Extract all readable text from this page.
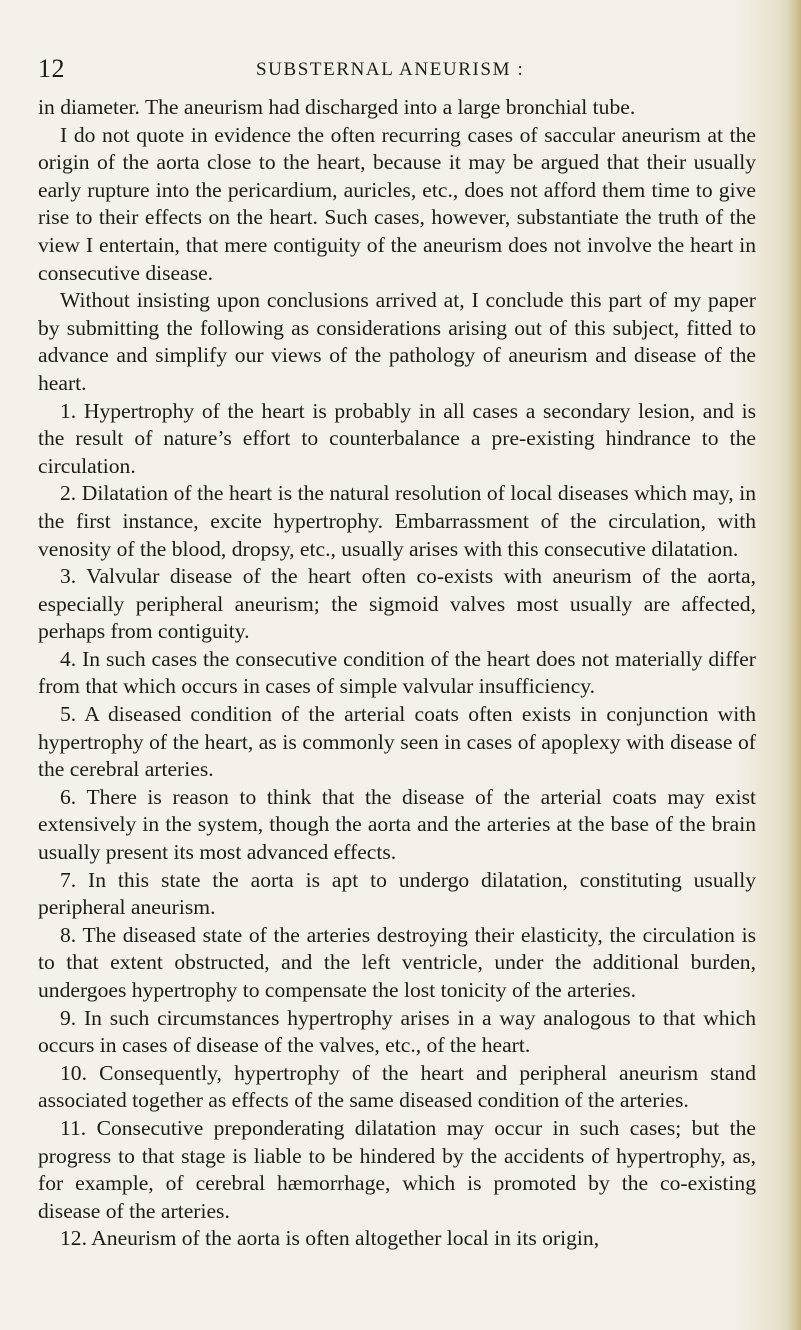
12	SUBSTERNAL ANEURISM :

in diameter. The aneurism had discharged into a large bronchial tube.

I do not quote in evidence the often recurring cases of saccular aneurism at the origin of the aorta close to the heart, because it may be argued that their usually early rupture into the pericardium, auricles, etc., does not afford them time to give rise to their effects on the heart. Such cases, however, substantiate the truth of the view I entertain, that mere contiguity of the aneurism does not involve the heart in consecutive disease.

Without insisting upon conclusions arrived at, I conclude this part of my paper by submitting the following as considerations arising out of this subject, fitted to advance and simplify our views of the pathology of aneurism and disease of the heart.

1. Hypertrophy of the heart is probably in all cases a secondary lesion, and is the result of nature’s effort to counterbalance a pre-existing hindrance to the circulation.

2. Dilatation of the heart is the natural resolution of local diseases which may, in the first instance, excite hypertrophy. Embarrassment of the circulation, with venosity of the blood, dropsy, etc., usually arises with this consecutive dilatation.

3. Valvular disease of the heart often co-exists with aneurism of the aorta, especially peripheral aneurism; the sigmoid valves most usually are affected, perhaps from contiguity.

4. In such cases the consecutive condition of the heart does not materially differ from that which occurs in cases of simple valvular insufficiency.

5. A diseased condition of the arterial coats often exists in conjunction with hypertrophy of the heart, as is commonly seen in cases of apoplexy with disease of the cerebral arteries.

6. There is reason to think that the disease of the arterial coats may exist extensively in the system, though the aorta and the arteries at the base of the brain usually present its most advanced effects.

7. In this state the aorta is apt to undergo dilatation, constituting usually peripheral aneurism.

8. The diseased state of the arteries destroying their elasticity, the circulation is to that extent obstructed, and the left ventricle, under the additional burden, undergoes hypertrophy to compensate the lost tonicity of the arteries.

9. In such circumstances hypertrophy arises in a way analogous to that which occurs in cases of disease of the valves, etc., of the heart.

10. Consequently, hypertrophy of the heart and peripheral aneurism stand associated together as effects of the same diseased condition of the arteries.

11. Consecutive preponderating dilatation may occur in such cases; but the progress to that stage is liable to be hindered by the accidents of hypertrophy, as, for example, of cerebral hæmorrhage, which is promoted by the co-existing disease of the arteries.

12. Aneurism of the aorta is often altogether local in its origin,
